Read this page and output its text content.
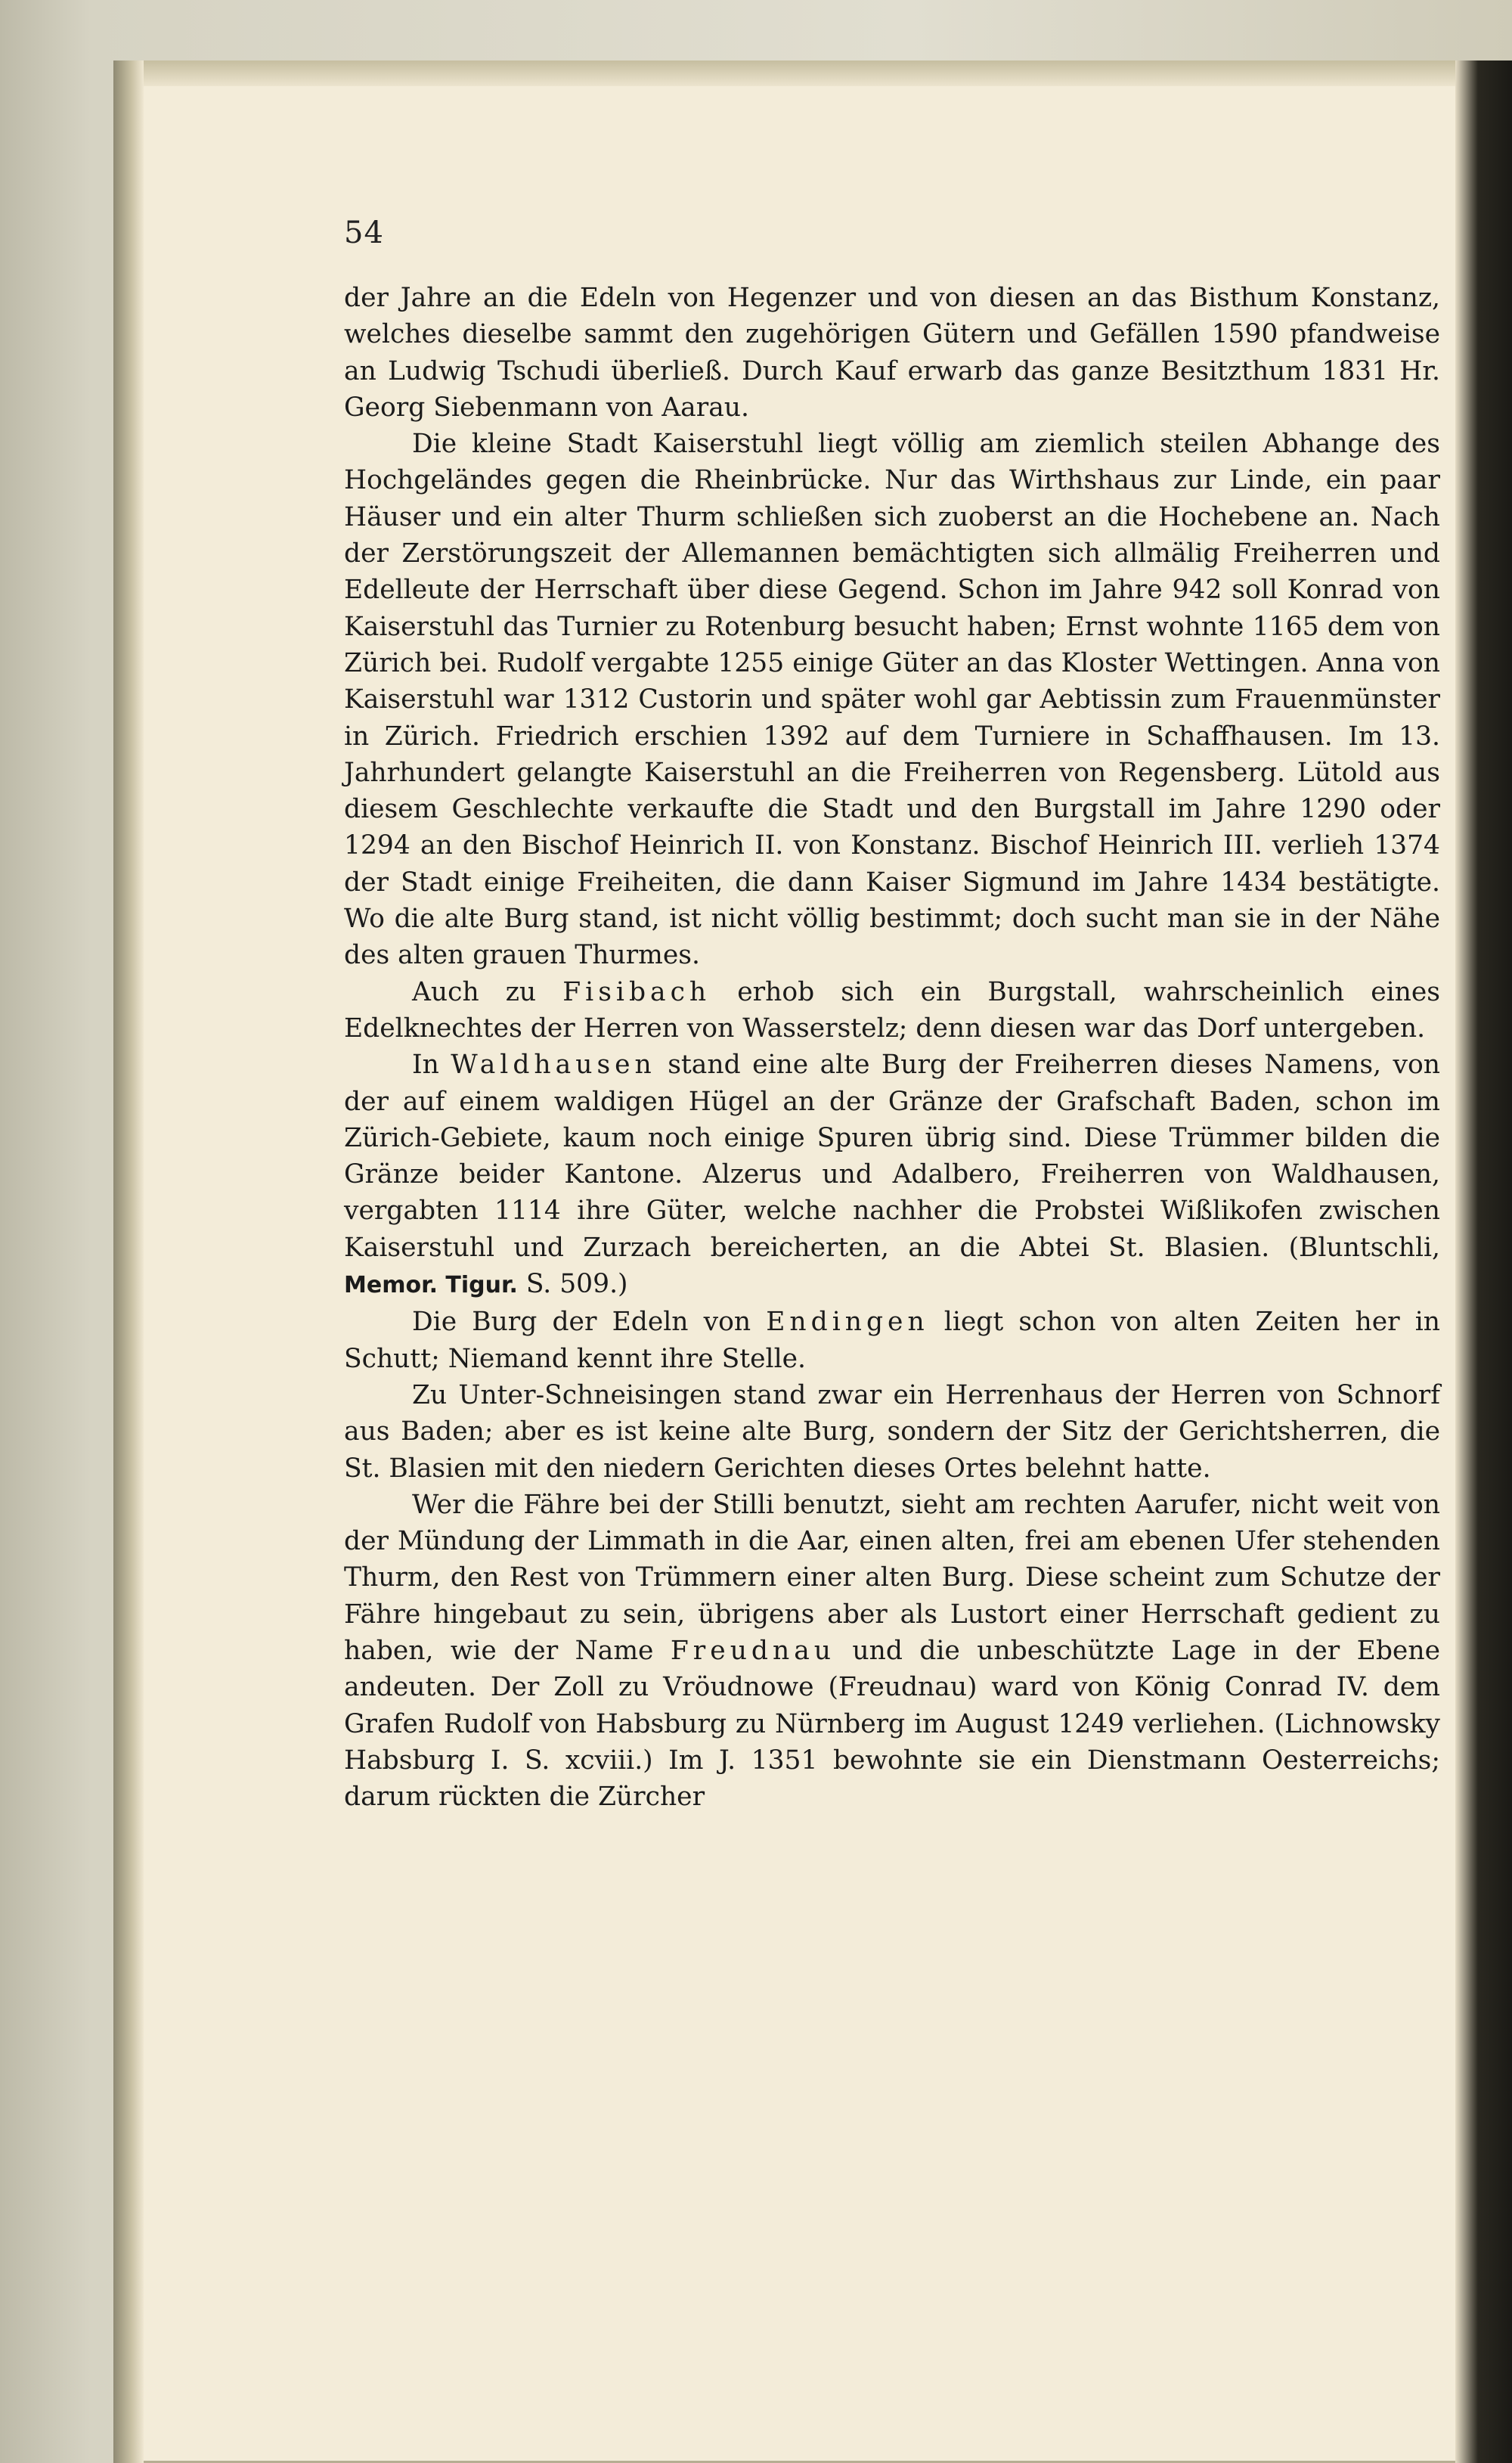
54

der Jahre an die Edeln von Hegenzer und von diesen an das Bisthum Konstanz, welches dieselbe sammt den zugehörigen Gütern und Gefällen 1590 pfandweise an Ludwig Tschudi überließ. Durch Kauf erwarb das ganze Besitzthum 1831 Hr. Georg Siebenmann von Aarau.

Die kleine Stadt Kaiserstuhl liegt völlig am ziemlich steilen Abhange des Hochgeländes gegen die Rheinbrücke. Nur das Wirthshaus zur Linde, ein paar Häuser und ein alter Thurm schließen sich zuoberst an die Hochebene an. Nach der Zerstörungszeit der Allemannen bemächtigten sich allmälig Freiherren und Edelleute der Herrschaft über diese Gegend. Schon im Jahre 942 soll Konrad von Kaiserstuhl das Turnier zu Rotenburg besucht haben; Ernst wohnte 1165 dem von Zürich bei. Rudolf vergabte 1255 einige Güter an das Kloster Wettingen. Anna von Kaiserstuhl war 1312 Custorin und später wohl gar Aebtissin zum Frauenmünster in Zürich. Friedrich erschien 1392 auf dem Turniere in Schaffhausen. Im 13. Jahrhundert gelangte Kaiserstuhl an die Freiherren von Regensberg. Lütold aus diesem Geschlechte verkaufte die Stadt und den Burgstall im Jahre 1290 oder 1294 an den Bischof Heinrich II. von Konstanz. Bischof Heinrich III. verlieh 1374 der Stadt einige Freiheiten, die dann Kaiser Sigmund im Jahre 1434 bestätigte. Wo die alte Burg stand, ist nicht völlig bestimmt; doch sucht man sie in der Nähe des alten grauen Thurmes.

Auch zu Fisibach erhob sich ein Burgstall, wahrscheinlich eines Edelknechtes der Herren von Wasserstelz; denn diesen war das Dorf untergeben.

In Waldhausen stand eine alte Burg der Freiherren dieses Namens, von der auf einem waldigen Hügel an der Gränze der Grafschaft Baden, schon im Zürich-Gebiete, kaum noch einige Spuren übrig sind. Diese Trümmer bilden die Gränze beider Kantone. Alzerus und Adalbero, Freiherren von Waldhausen, vergabten 1114 ihre Güter, welche nachher die Probstei Wißlikofen zwischen Kaiserstuhl und Zurzach bereicherten, an die Abtei St. Blasien. (Bluntschli, Memor. Tigur. S. 509.)

Die Burg der Edeln von Endingen liegt schon von alten Zeiten her in Schutt; Niemand kennt ihre Stelle.

Zu Unter-Schneisingen stand zwar ein Herrenhaus der Herren von Schnorf aus Baden; aber es ist keine alte Burg, sondern der Sitz der Gerichtsherren, die St. Blasien mit den niedern Gerichten dieses Ortes belehnt hatte.

Wer die Fähre bei der Stilli benutzt, sieht am rechten Aarufer, nicht weit von der Mündung der Limmath in die Aar, einen alten, frei am ebenen Ufer stehenden Thurm, den Rest von Trümmern einer alten Burg. Diese scheint zum Schutze der Fähre hingebaut zu sein, übrigens aber als Lustort einer Herrschaft gedient zu haben, wie der Name Freudnau und die unbeschützte Lage in der Ebene andeuten. Der Zoll zu Vröudnowe (Freudnau) ward von König Conrad IV. dem Grafen Rudolf von Habsburg zu Nürnberg im August 1249 verliehen. (Lichnowsky Habsburg I. S. xcviii.) Im J. 1351 bewohnte sie ein Dienstmann Oesterreichs; darum rückten die Zürcher
